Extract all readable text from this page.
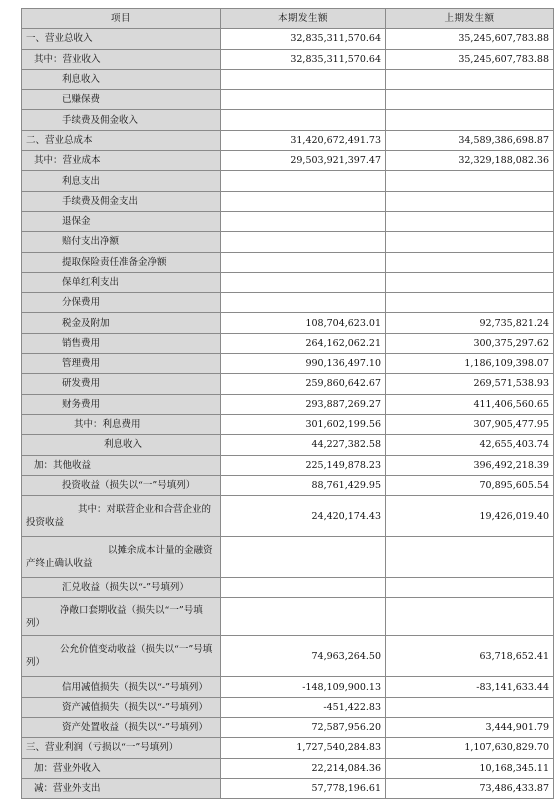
项目	本期发生额	上期发生额
一、营业总收入	32,835,311,570.64	35,245,607,783.88
其中：营业收入	32,835,311,570.64	35,245,607,783.88
利息收入		
已赚保费		
手续费及佣金收入		
二、营业总成本	31,420,672,491.73	34,589,386,698.87
其中：营业成本	29,503,921,397.47	32,329,188,082.36
利息支出		
手续费及佣金支出		
退保金		
赔付支出净额		
提取保险责任准备金净额		
保单红利支出		
分保费用		
税金及附加	108,704,623.01	92,735,821.24
销售费用	264,162,062.21	300,375,297.62
管理费用	990,136,497.10	1,186,109,398.07
研发费用	259,860,642.67	269,571,538.93
财务费用	293,887,269.27	411,406,560.65
其中：利息费用	301,602,199.56	307,905,477.95
利息收入	44,227,382.58	42,655,403.74
加：其他收益	225,149,878.23	396,492,218.39
投资收益（损失以“一”号填列）	88,761,429.95	70,895,605.54
其中：对联营企业和合营企业的投资收益	24,420,174.43	19,426,019.40
以摊余成本计量的金融资产终止确认收益		
汇兑收益（损失以“-”号填列）		
净敞口套期收益（损失以“一”号填列）		
公允价值变动收益（损失以“一”号填列）	74,963,264.50	63,718,652.41
信用减值损失（损失以“-”号填列）	-148,109,900.13	-83,141,633.44
资产减值损失（损失以“-”号填列）	-451,422.83	
资产处置收益（损失以“-”号填列）	72,587,956.20	3,444,901.79
三、营业利润（亏损以“一”号填列）	1,727,540,284.83	1,107,630,829.70
加：营业外收入	22,214,084.36	10,168,345.11
减：营业外支出	57,778,196.61	73,486,433.87
